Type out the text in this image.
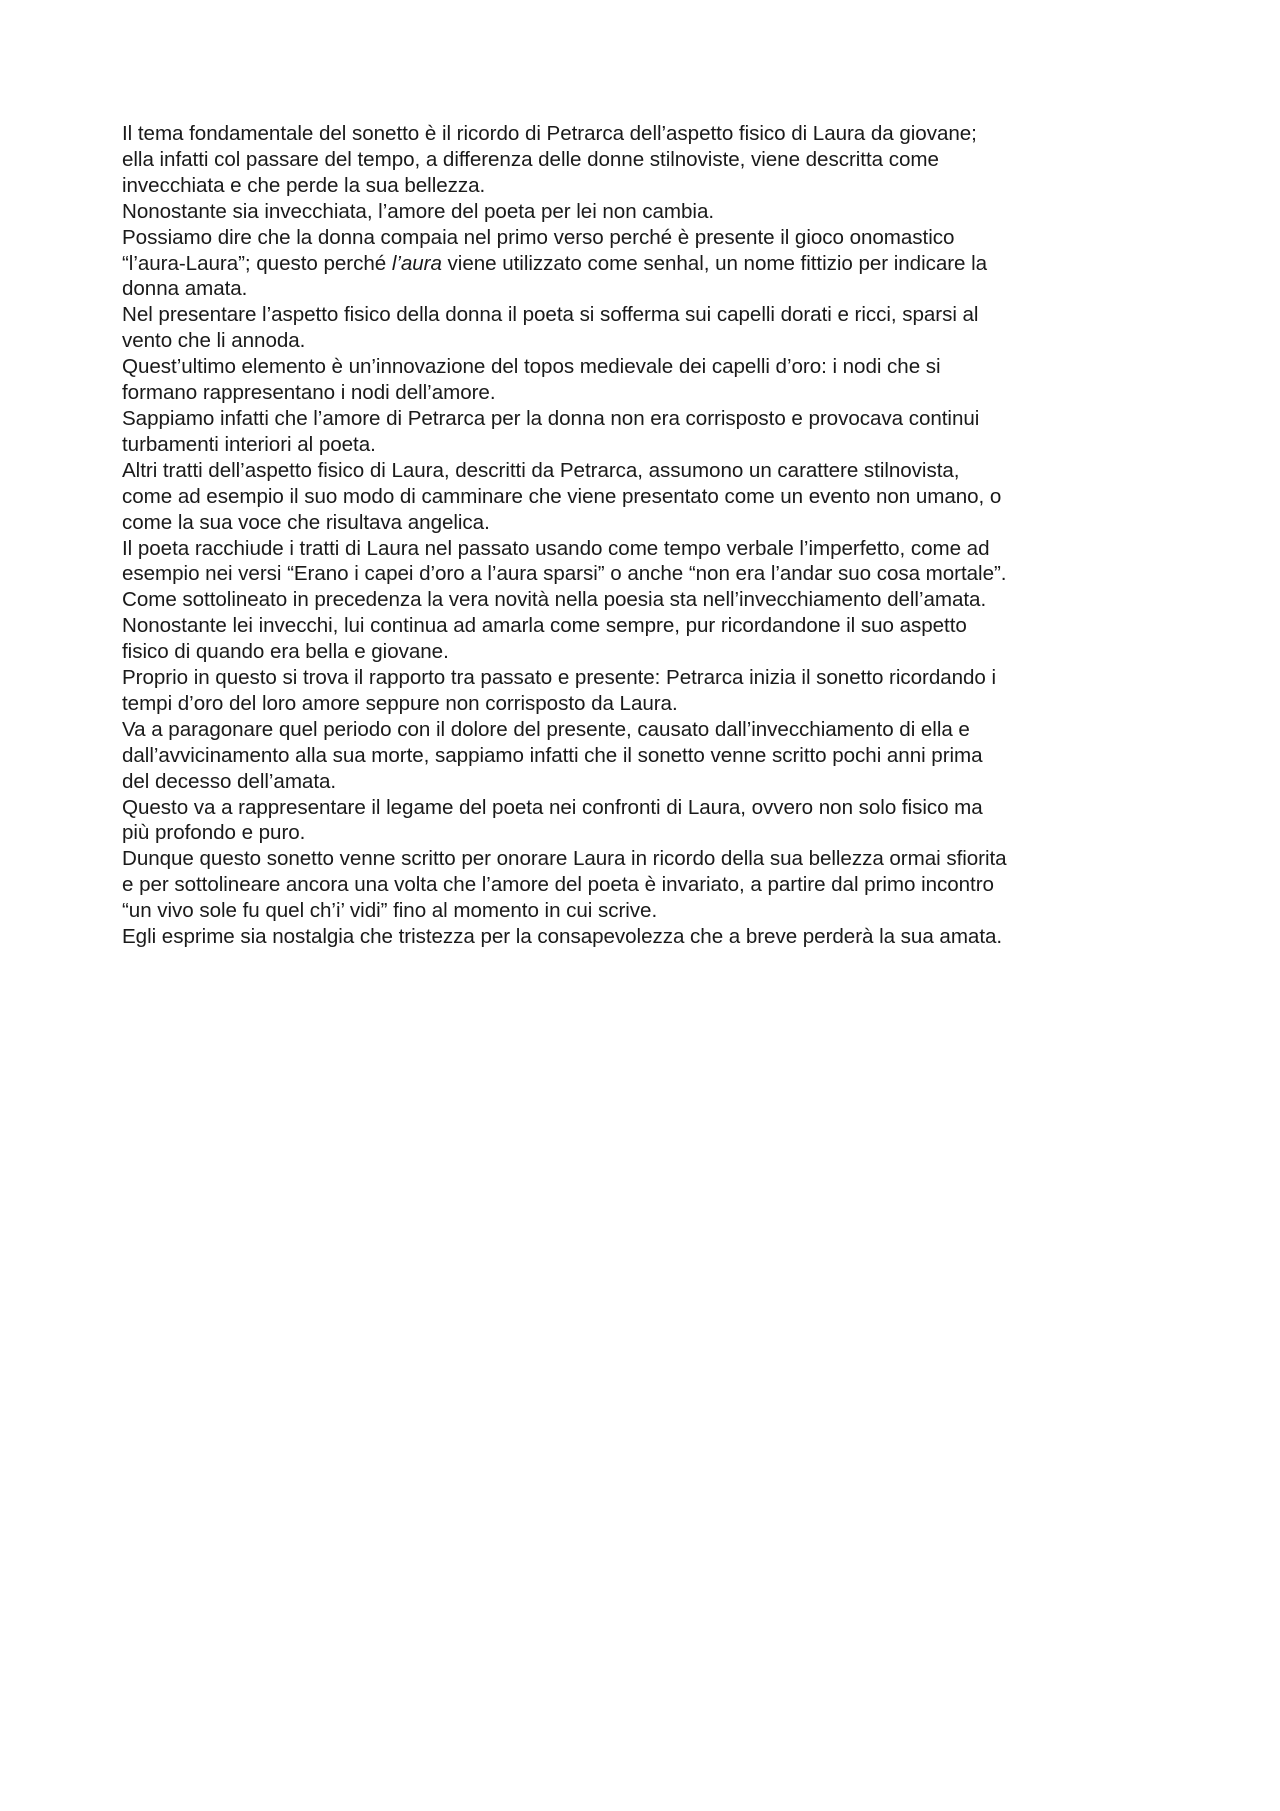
Il tema fondamentale del sonetto è il ricordo di Petrarca dell’aspetto fisico di Laura da giovane;
ella infatti col passare del tempo, a differenza delle donne stilnoviste, viene descritta come
invecchiata e che perde la sua bellezza.
Nonostante sia invecchiata, l’amore del poeta per lei non cambia.
Possiamo dire che la donna compaia nel primo verso perché è presente il gioco onomastico
“l’aura-Laura”; questo perché l’aura viene utilizzato come senhal, un nome fittizio per indicare la
donna amata.
Nel presentare l’aspetto fisico della donna il poeta si sofferma sui capelli dorati e ricci, sparsi al
vento che li annoda.
Quest’ultimo elemento è un’innovazione del topos medievale dei capelli d’oro: i nodi che si
formano rappresentano i nodi dell’amore.
Sappiamo infatti che l’amore di Petrarca per la donna non era corrisposto e provocava continui
turbamenti interiori al poeta.
Altri tratti dell’aspetto fisico di Laura, descritti da Petrarca, assumono un carattere stilnovista,
come ad esempio il suo modo di camminare che viene presentato come un evento non umano, o
come la sua voce che risultava angelica.
Il poeta racchiude i tratti di Laura nel passato usando come tempo verbale l’imperfetto, come ad
esempio nei versi “Erano i capei d’oro a l’aura sparsi” o anche “non era l’andar suo cosa mortale”.
Come sottolineato in precedenza la vera novità nella poesia sta nell’invecchiamento dell’amata.
Nonostante lei invecchi, lui continua ad amarla come sempre, pur ricordandone il suo aspetto
fisico di quando era bella e giovane.
Proprio in questo si trova il rapporto tra passato e presente: Petrarca inizia il sonetto ricordando i
tempi d’oro del loro amore seppure non corrisposto da Laura.
Va a paragonare quel periodo con il dolore del presente, causato dall’invecchiamento di ella e
dall’avvicinamento alla sua morte, sappiamo infatti che il sonetto venne scritto pochi anni prima
del decesso dell’amata.
Questo va a rappresentare il legame del poeta nei confronti di Laura, ovvero non solo fisico ma
più profondo e puro.
Dunque questo sonetto venne scritto per onorare Laura in ricordo della sua bellezza ormai sfiorita
e per sottolineare ancora una volta che l’amore del poeta è invariato, a partire dal primo incontro
“un vivo sole fu quel ch’i’ vidi” fino al momento in cui scrive.
Egli esprime sia nostalgia che tristezza per la consapevolezza che a breve perderà la sua amata.
